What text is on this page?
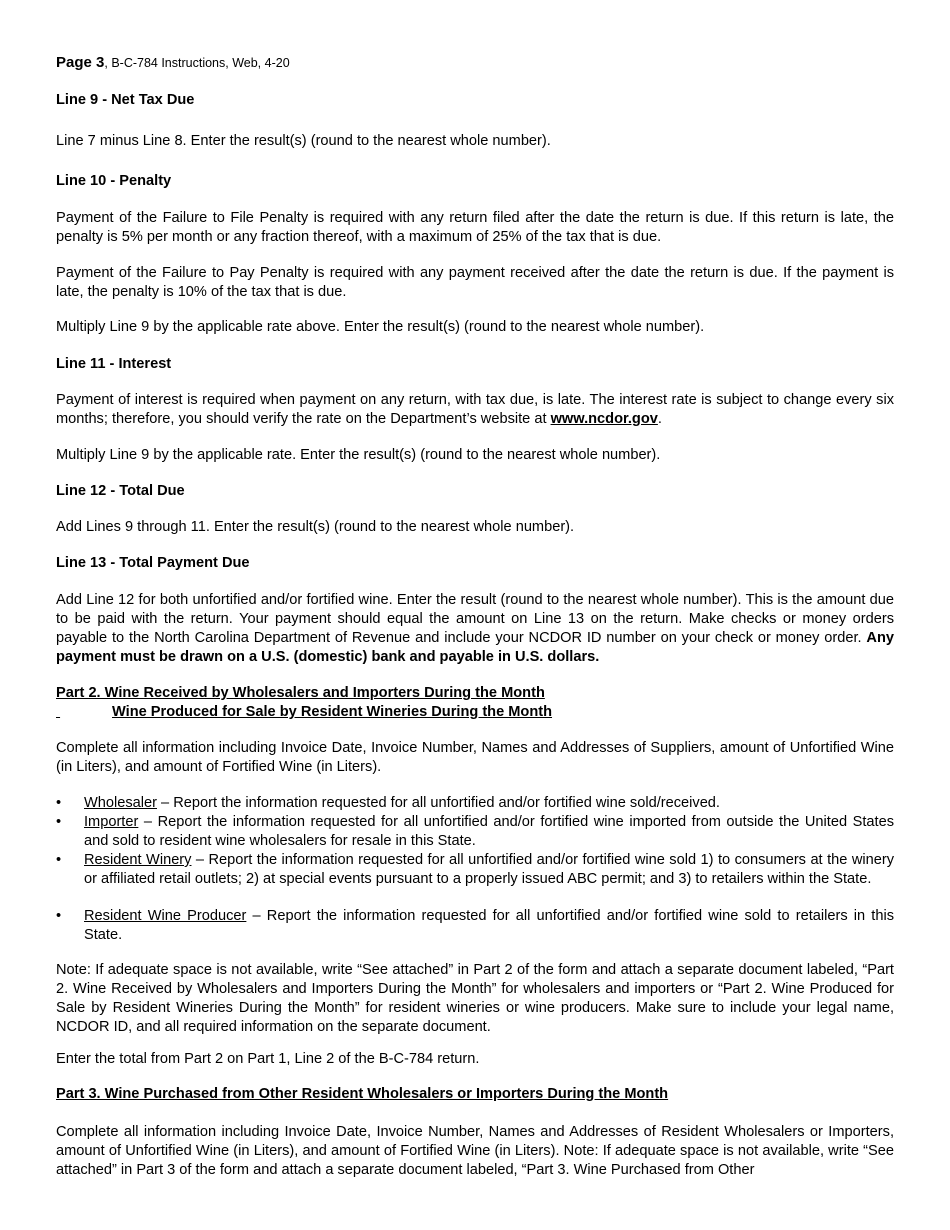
Page 3, B-C-784 Instructions, Web, 4-20

Line 9 - Net Tax Due

Line 7 minus Line 8. Enter the result(s) (round to the nearest whole number).

Line 10 - Penalty

Payment of the Failure to File Penalty is required with any return filed after the date the return is due. If this return is late, the penalty is 5% per month or any fraction thereof, with a maximum of 25% of the tax that is due.

Payment of the Failure to Pay Penalty is required with any payment received after the date the return is due. If the payment is late, the penalty is 10% of the tax that is due.

Multiply Line 9 by the applicable rate above. Enter the result(s) (round to the nearest whole number).

Line 11 - Interest

Payment of interest is required when payment on any return, with tax due, is late. The interest rate is subject to change every six months; therefore, you should verify the rate on the Department’s website at www.ncdor.gov.

Multiply Line 9 by the applicable rate. Enter the result(s) (round to the nearest whole number).

Line 12 - Total Due

Add Lines 9 through 11. Enter the result(s) (round to the nearest whole number).

Line 13 - Total Payment Due

Add Line 12 for both unfortified and/or fortified wine. Enter the result (round to the nearest whole number). This is the amount due to be paid with the return. Your payment should equal the amount on Line 13 on the return. Make checks or money orders payable to the North Carolina Department of Revenue and include your NCDOR ID number on your check or money order. Any payment must be drawn on a U.S. (domestic) bank and payable in U.S. dollars.

Part 2. Wine Received by Wholesalers and Importers During the Month

Wine Produced for Sale by Resident Wineries During the Month

Complete all information including Invoice Date, Invoice Number, Names and Addresses of Suppliers, amount of Unfortified Wine (in Liters), and amount of Fortified Wine (in Liters).

• Wholesaler – Report the information requested for all unfortified and/or fortified wine sold/received.
• Importer – Report the information requested for all unfortified and/or fortified wine imported from outside the United States and sold to resident wine wholesalers for resale in this State.
• Resident Winery – Report the information requested for all unfortified and/or fortified wine sold 1) to consumers at the winery or affiliated retail outlets; 2) at special events pursuant to a properly issued ABC permit; and 3) to retailers within the State.
• Resident Wine Producer – Report the information requested for all unfortified and/or fortified wine sold to retailers in this State.

Note: If adequate space is not available, write “See attached” in Part 2 of the form and attach a separate document labeled, “Part 2. Wine Received by Wholesalers and Importers During the Month” for wholesalers and importers or “Part 2. Wine Produced for Sale by Resident Wineries During the Month” for resident wineries or wine producers. Make sure to include your legal name, NCDOR ID, and all required information on the separate document.

Enter the total from Part 2 on Part 1, Line 2 of the B-C-784 return.

Part 3. Wine Purchased from Other Resident Wholesalers or Importers During the Month

Complete all information including Invoice Date, Invoice Number, Names and Addresses of Resident Wholesalers or Importers, amount of Unfortified Wine (in Liters), and amount of Fortified Wine (in Liters). Note: If adequate space is not available, write “See attached” in Part 3 of the form and attach a separate document labeled, “Part 3. Wine Purchased from Other
